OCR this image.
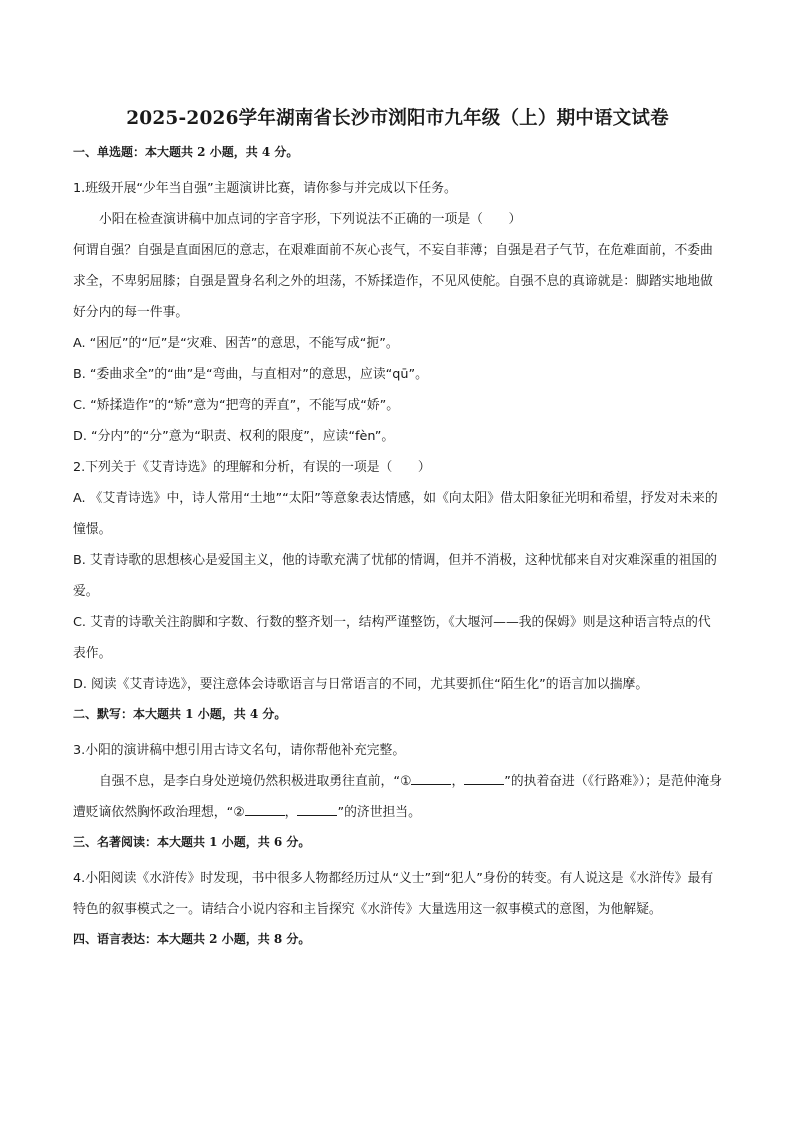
2025-2026学年湖南省长沙市浏阳市九年级（上）期中语文试卷
一、单选题：本大题共 2 小题，共 4 分。

1.班级开展“少年当自强”主题演讲比赛，请你参与并完成以下任务。

小阳在检查演讲稿中加点词的字音字形，下列说法不正确的一项是（　　）

何谓自强？自强是直面困厄的意志，在艰难面前不灰心丧气，不妄自菲薄；自强是君子气节，在危难面前，不委曲求全，不卑躬屈膝；自强是置身名利之外的坦荡，不矫揉造作，不见风使舵。自强不息的真谛就是：脚踏实地地做好分内的每一件事。

A. “困厄”的“厄”是“灾难、困苦”的意思，不能写成“扼”。

B. “委曲求全”的“曲”是“弯曲，与直相对”的意思，应读“qū”。

C. “矫揉造作”的“矫”意为“把弯的弄直”，不能写成“娇”。

D. “分内”的“分”意为“职责、权利的限度”，应读“fèn”。

2.下列关于《艾青诗选》的理解和分析，有误的一项是（　　）

A. 《艾青诗选》中，诗人常用“土地”“太阳”等意象表达情感，如《向太阳》借太阳象征光明和希望，抒发对未来的憧憬。

B. 艾青诗歌的思想核心是爱国主义，他的诗歌充满了忧郁的情调，但并不消极，这种忧郁来自对灾难深重的祖国的爱。

C. 艾青的诗歌关注韵脚和字数、行数的整齐划一，结构严谨整饬，《大堰河——我的保姆》则是这种语言特点的代表作。

D. 阅读《艾青诗选》，要注意体会诗歌语言与日常语言的不同，尤其要抓住“陌生化”的语言加以揣摩。

二、默写：本大题共 1 小题，共 4 分。

3.小阳的演讲稿中想引用古诗文名句，请你帮他补充完整。

自强不息，是李白身处逆境仍然积极进取勇往直前，“①	，	”的执着奋进（《行路难》）；是范仲淹身遭贬谪依然胸怀政治理想，“②	，	”的济世担当。

三、名著阅读：本大题共 1 小题，共 6 分。

4.小阳阅读《水浒传》时发现，书中很多人物都经历过从“义士”到“犯人”身份的转变。有人说这是《水浒传》最有特色的叙事模式之一。请结合小说内容和主旨探究《水浒传》大量选用这一叙事模式的意图，为他解疑。

四、语言表达：本大题共 2 小题，共 8 分。
